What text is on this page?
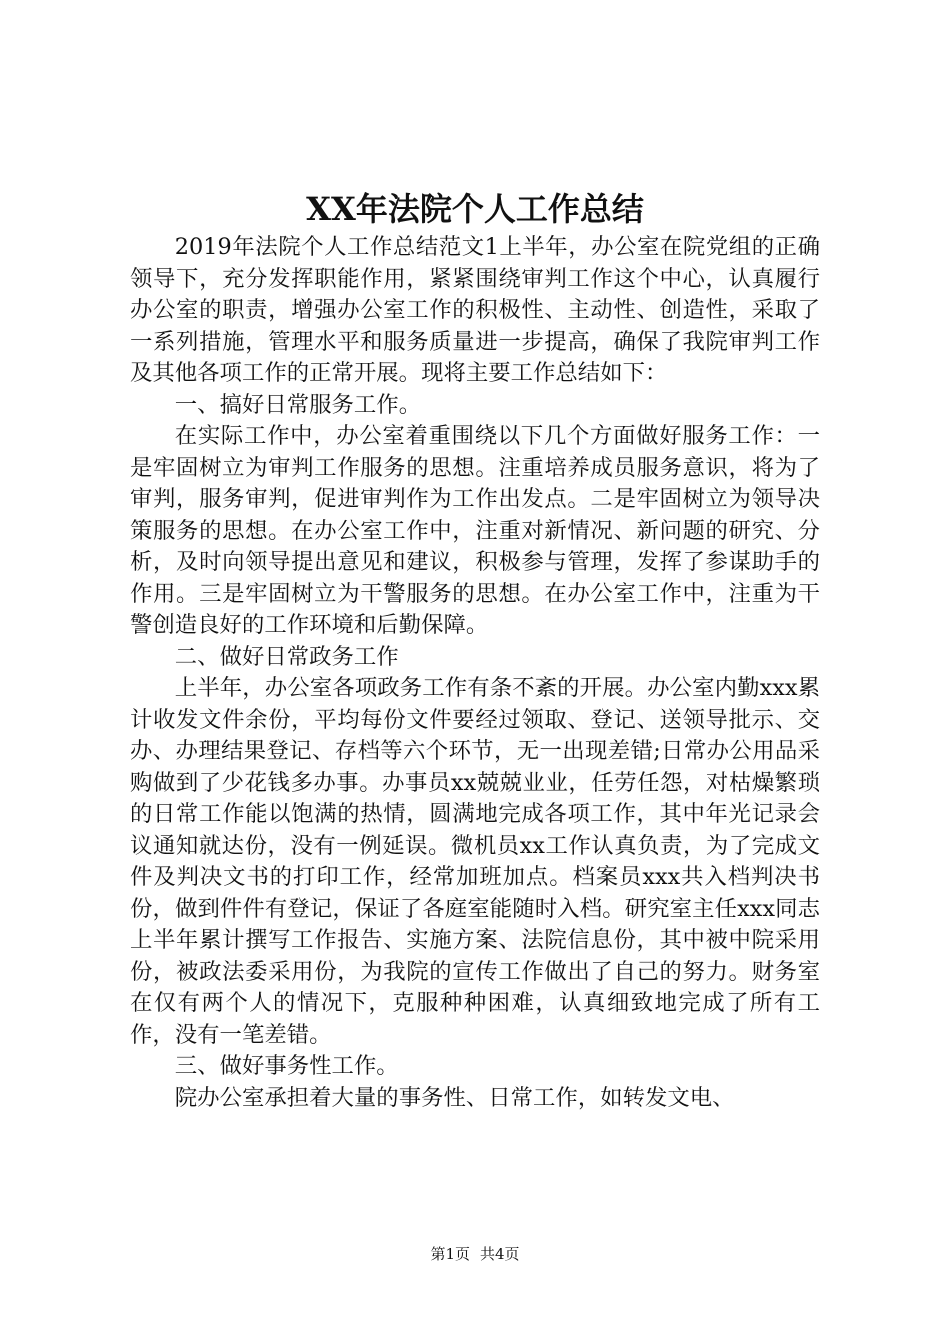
XX年法院个人工作总结

2019年法院个人工作总结范文1上半年，办公室在院党组的正确领导下，充分发挥职能作用，紧紧围绕审判工作这个中心，认真履行办公室的职责，增强办公室工作的积极性、主动性、创造性，采取了一系列措施，管理水平和服务质量进一步提高，确保了我院审判工作及其他各项工作的正常开展。现将主要工作总结如下：

一、搞好日常服务工作。

在实际工作中，办公室着重围绕以下几个方面做好服务工作：一是牢固树立为审判工作服务的思想。注重培养成员服务意识，将为了审判，服务审判，促进审判作为工作出发点。二是牢固树立为领导决策服务的思想。在办公室工作中，注重对新情况、新问题的研究、分析，及时向领导提出意见和建议，积极参与管理，发挥了参谋助手的作用。三是牢固树立为干警服务的思想。在办公室工作中，注重为干警创造良好的工作环境和后勤保障。

二、做好日常政务工作

上半年，办公室各项政务工作有条不紊的开展。办公室内勤xxx累计收发文件余份，平均每份文件要经过领取、登记、送领导批示、交办、办理结果登记、存档等六个环节，无一出现差错;日常办公用品采购做到了少花钱多办事。办事员xx兢兢业业，任劳任怨，对枯燥繁琐的日常工作能以饱满的热情，圆满地完成各项工作，其中年光记录会议通知就达份，没有一例延误。微机员xx工作认真负责，为了完成文件及判决文书的打印工作，经常加班加点。档案员xxx共入档判决书份，做到件件有登记，保证了各庭室能随时入档。研究室主任xxx同志上半年累计撰写工作报告、实施方案、法院信息份，其中被中院采用份，被政法委采用份，为我院的宣传工作做出了自己的努力。财务室在仅有两个人的情况下，克服种种困难，认真细致地完成了所有工作，没有一笔差错。

三、做好事务性工作。

院办公室承担着大量的事务性、日常工作，如转发文电、

第1页 共4页
